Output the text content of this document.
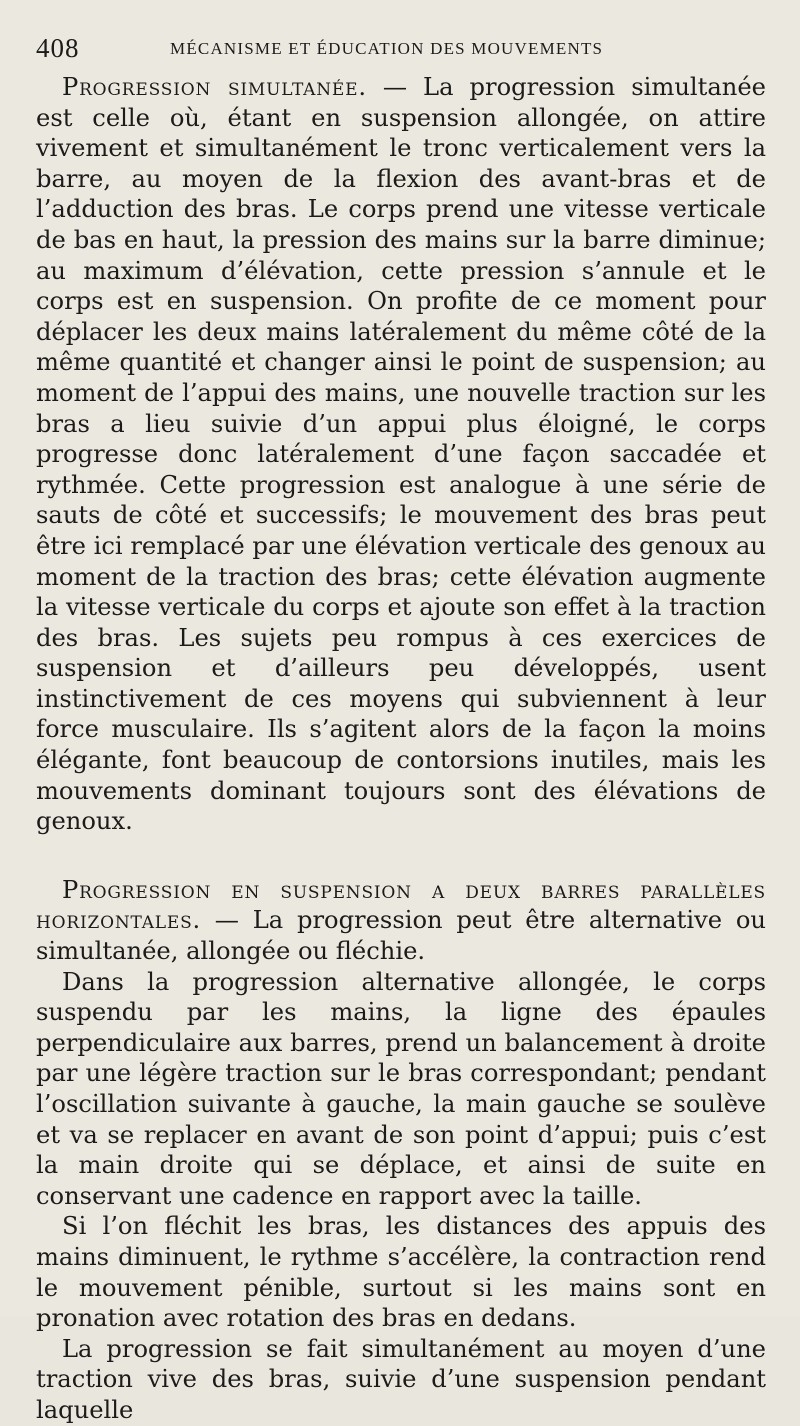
408	MÉCANISME ET ÉDUCATION DES MOUVEMENTS

Progression simultanée. — La progression simultanée est celle où, étant en suspension allongée, on attire vivement et simultanément le tronc verticalement vers la barre, au moyen de la flexion des avant-bras et de l’adduction des bras. Le corps prend une vitesse verticale de bas en haut, la pression des mains sur la barre diminue; au maximum d’élévation, cette pression s’annule et le corps est en suspension. On profite de ce moment pour déplacer les deux mains latéralement du même côté de la même quantité et changer ainsi le point de suspension; au moment de l’appui des mains, une nouvelle traction sur les bras a lieu suivie d’un appui plus éloigné, le corps progresse donc latéralement d’une façon saccadée et rythmée. Cette progression est analogue à une série de sauts de côté et successifs; le mouvement des bras peut être ici remplacé par une élévation verticale des genoux au moment de la traction des bras; cette élévation augmente la vitesse verticale du corps et ajoute son effet à la traction des bras. Les sujets peu rompus à ces exercices de suspension et d’ailleurs peu développés, usent instinctivement de ces moyens qui subviennent à leur force musculaire. Ils s’agitent alors de la façon la moins élégante, font beaucoup de contorsions inutiles, mais les mouvements dominant toujours sont des élévations de genoux.

Progression en suspension a deux barres parallèles horizontales. — La progression peut être alternative ou simultanée, allongée ou fléchie.

Dans la progression alternative allongée, le corps suspendu par les mains, la ligne des épaules perpendiculaire aux barres, prend un balancement à droite par une légère traction sur le bras correspondant; pendant l’oscillation suivante à gauche, la main gauche se soulève et va se replacer en avant de son point d’appui; puis c’est la main droite qui se déplace, et ainsi de suite en conservant une cadence en rapport avec la taille.

Si l’on fléchit les bras, les distances des appuis des mains diminuent, le rythme s’accélère, la contraction rend le mouvement pénible, surtout si les mains sont en pronation avec rotation des bras en dedans.

La progression se fait simultanément au moyen d’une traction vive des bras, suivie d’une suspension pendant laquelle
